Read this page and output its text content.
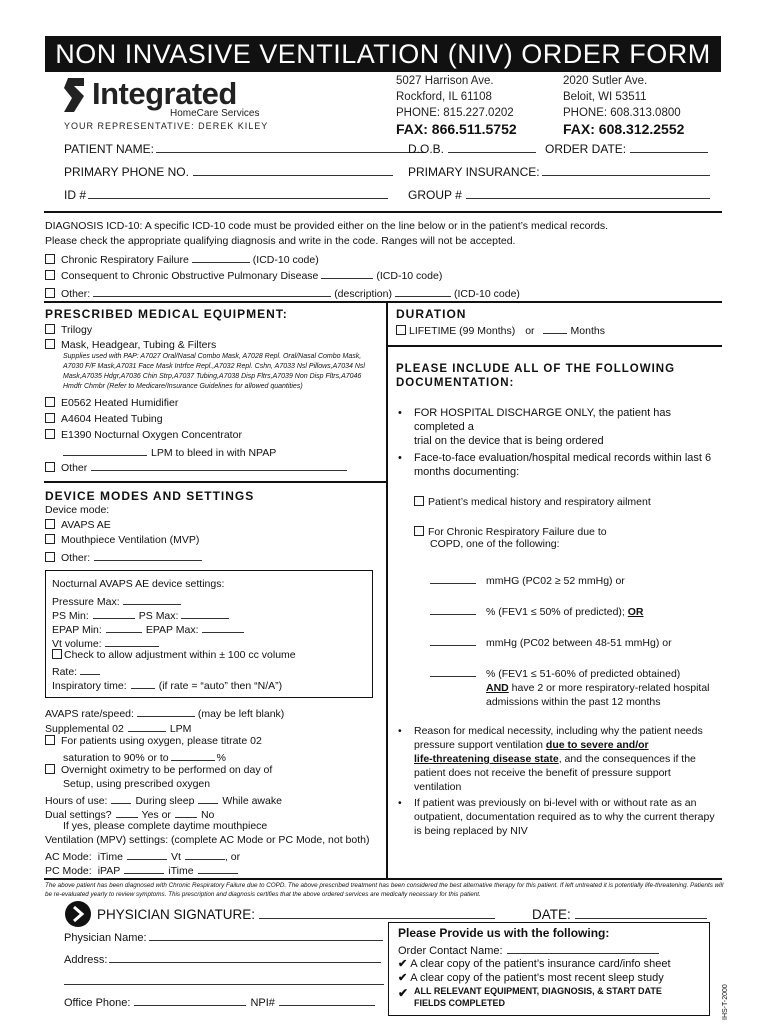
NON INVASIVE VENTILATION (NIV) ORDER FORM
Integrated
HomeCare Services
YOUR REPRESENTATIVE: DEREK KILEY
5027 Harrison Ave.
Rockford, IL 61108
PHONE: 815.227.0202
FAX: 866.511.5752
2020 Sutler Ave.
Beloit, WI 53511
PHONE: 608.313.0800
FAX: 608.312.2552
PATIENT NAME:	D.O.B.	ORDER DATE:
PRIMARY PHONE NO.	PRIMARY INSURANCE:
ID #	GROUP #
DIAGNOSIS ICD-10: A specific ICD-10 code must be provided either on the line below or in the patient’s medical records.
Please check the appropriate qualifying diagnosis and write in the code. Ranges will not be accepted.
Chronic Respiratory Failure	(ICD-10 code)
Consequent to Chronic Obstructive Pulmonary Disease	(ICD-10 code)
Other:	(description)	(ICD-10 code)
PRESCRIBED MEDICAL EQUIPMENT:
Trilogy
Mask, Headgear, Tubing & Filters
Supplies used with PAP: A7027 Oral/Nasal Combo Mask, A7028 Repl. Oral/Nasal Combo Mask, A7030 F/F Mask,A7031 Face Mask Intrfce Repl.,A7032 Repl. Cshn, A7033 Nsl Pillows,A7034 Nsl Mask,A7035 Hdgr,A7036 Chin Strp,A7037 Tubing,A7038 Disp Fltrs,A7039 Non Disp Fltrs,A7046 Hmdfr Chmbr (Refer to Medicare/Insurance Guidelines for allowed quantities)
E0562 Heated Humidifier
A4604 Heated Tubing
E1390 Nocturnal Oxygen Concentrator
LPM to bleed in with NPAP
Other
DEVICE MODES AND SETTINGS
Device mode:
AVAPS AE
Mouthpiece Ventilation (MVP)
Other:
Nocturnal AVAPS AE device settings:
Pressure Max:
PS Min:	PS Max:
EPAP Min:	EPAP Max:
Vt volume:
Check to allow adjustment within ± 100 cc volume
Rate:
Inspiratory time:	(if rate = “auto” then “N/A”)
AVAPS rate/speed:	(may be left blank)
Supplemental 02	LPM
For patients using oxygen, please titrate 02
saturation to 90% or to	%
Overnight oximetry to be performed on day of
Setup, using prescribed oxygen
Hours of use:	During sleep	While awake
Dual settings?	Yes or	No
If yes, please complete daytime mouthpiece
Ventilation (MPV) settings: (complete AC Mode or PC Mode, not both)
AC Mode: iTime	Vt	, or
PC Mode: iPAP	iTime
DURATION
LIFETIME (99 Months) or	Months
PLEASE INCLUDE ALL OF THE FOLLOWING
DOCUMENTATION:
• FOR HOSPITAL DISCHARGE ONLY, the patient has completed a
trial on the device that is being ordered
• Face-to-face evaluation/hospital medical records within last 6
months documenting:
Patient’s medical history and respiratory ailment
For Chronic Respiratory Failure due to
COPD, one of the following:
mmHG (PC02 ≥ 52 mmHg) or
% (FEV1 ≤ 50% of predicted); OR
mmHg (PC02 between 48-51 mmHg) or
% (FEV1 ≤ 51-60% of predicted obtained)
AND have 2 or more respiratory-related hospital
admissions within the past 12 months
• Reason for medical necessity, including why the patient needs
pressure support ventilation due to severe and/or
life-threatening disease state, and the consequences if the
patient does not receive the benefit of pressure support ventilation
• If patient was previously on bi-level with or without rate as an
outpatient, documentation required as to why the current therapy
is being replaced by NIV
The above patient has been diagnosed with Chronic Respiratory Failure due to COPD. The above prescribed treatment has been considered the best alternative therapy for this patient. If left untreated it is potentially life-threatening. Patients will be re-evaluated yearly to review symptoms. This prescription and diagnosis certifies that the above ordered services are medically necessary for this patient.
PHYSICIAN SIGNATURE:	DATE:
Physician Name:
Address:
Office Phone:	NPI#
Please Provide us with the following:
Order Contact Name:
✔ A clear copy of the patient’s insurance card/info sheet
✔ A clear copy of the patient’s most recent sleep study
✔ ALL RELEVANT EQUIPMENT, DIAGNOSIS, & START DATE
FIELDS COMPLETED	IHS-T-2000
